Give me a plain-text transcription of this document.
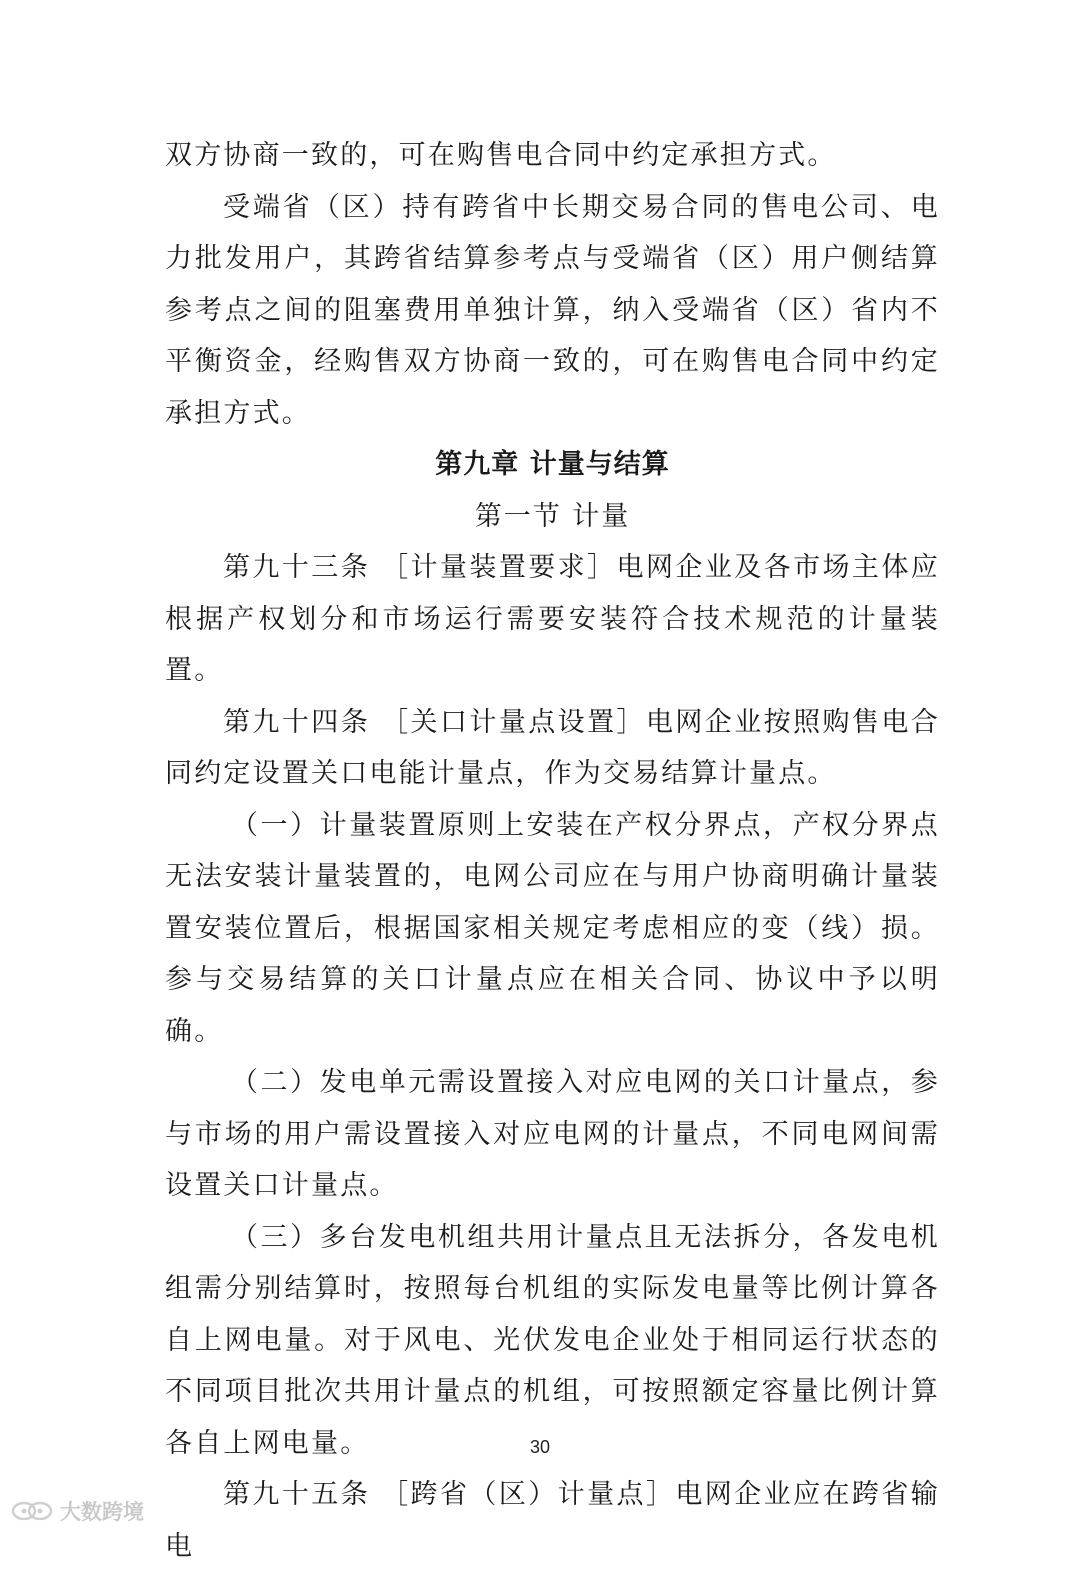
双方协商一致的，可在购售电合同中约定承担方式。

受端省（区）持有跨省中长期交易合同的售电公司、电力批发用户，其跨省结算参考点与受端省（区）用户侧结算参考点之间的阻塞费用单独计算，纳入受端省（区）省内不平衡资金，经购售双方协商一致的，可在购售电合同中约定承担方式。

第九章 计量与结算

第一节 计量

第九十三条 ［计量装置要求］电网企业及各市场主体应根据产权划分和市场运行需要安装符合技术规范的计量装置。

第九十四条 ［关口计量点设置］电网企业按照购售电合同约定设置关口电能计量点，作为交易结算计量点。

（一）计量装置原则上安装在产权分界点，产权分界点无法安装计量装置的，电网公司应在与用户协商明确计量装置安装位置后，根据国家相关规定考虑相应的变（线）损。参与交易结算的关口计量点应在相关合同、协议中予以明确。

（二）发电单元需设置接入对应电网的关口计量点，参与市场的用户需设置接入对应电网的计量点，不同电网间需设置关口计量点。

（三）多台发电机组共用计量点且无法拆分，各发电机组需分别结算时，按照每台机组的实际发电量等比例计算各自上网电量。对于风电、光伏发电企业处于相同运行状态的不同项目批次共用计量点的机组，可按照额定容量比例计算各自上网电量。

第九十五条 ［跨省（区）计量点］电网企业应在跨省输电

30
大数跨境
